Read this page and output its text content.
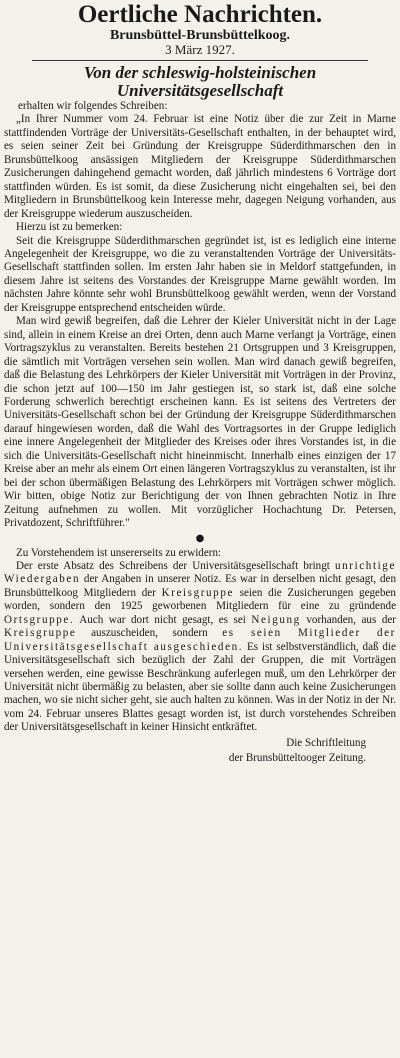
Oertliche Nachrichten.
Brunsbüttel-Brunsbüttelkoog.
3 März 1927.
Von der schleswig-holsteinischen
Universitätsgesellschaft

erhalten wir folgendes Schreiben:

„In Ihrer Nummer vom 24. Februar ist eine Notiz über die zur Zeit in Marne stattfindenden Vorträge der Universitäts-Gesellschaft enthalten, in der behauptet wird, es seien seiner Zeit bei Gründung der Kreisgruppe Süderdithmarschen den in Brunsbüttelkoog ansässigen Mitgliedern der Kreisgruppe Süderdithmarschen Zusicherungen dahingehend gemacht worden, daß jährlich mindestens 6 Vorträge dort stattfinden würden. Es ist somit, da diese Zusicherung nicht eingehalten sei, bei den Mitgliedern in Brunsbüttelkoog kein Interesse mehr, dagegen Neigung vorhanden, aus der Kreisgruppe wiederum auszuscheiden.

Hierzu ist zu bemerken:

Seit die Kreisgruppe Süderdithmarschen gegründet ist, ist es lediglich eine interne Angelegenheit der Kreisgruppe, wo die zu veranstaltenden Vorträge der Universitäts-Gesellschaft stattfinden sollen. Im ersten Jahr haben sie in Meldorf stattgefunden, in diesem Jahre ist seitens des Vorstandes der Kreisgruppe Marne gewählt worden. Im nächsten Jahre könnte sehr wohl Brunsbüttelkoog gewählt werden, wenn der Vorstand der Kreisgruppe entsprechend entscheiden würde.

Man wird gewiß begreifen, daß die Lehrer der Kieler Universität nicht in der Lage sind, allein in einem Kreise an drei Orten, denn auch Marne verlangt ja Vorträge, einen Vortragszyklus zu veranstalten. Bereits bestehen 21 Ortsgruppen und 3 Kreisgruppen, die sämtlich mit Vorträgen versehen sein wollen. Man wird danach gewiß begreifen, daß die Belastung des Lehrkörpers der Kieler Universität mit Vorträgen in der Provinz, die schon jetzt auf 100—150 im Jahr gestiegen ist, so stark ist, daß eine solche Forderung schwerlich berechtigt erscheinen kann. Es ist seitens des Vertreters der Universitäts-Gesellschaft schon bei der Gründung der Kreisgruppe Süderdithmarschen darauf hingewiesen worden, daß die Wahl des Vortragsortes in der Gruppe lediglich eine innere Angelegenheit der Mitglieder des Kreises oder ihres Vorstandes ist, in die sich die Universitäts-Gesellschaft nicht hineinmischt. Innerhalb eines einzigen der 17 Kreise aber an mehr als einem Ort einen längeren Vortragszyklus zu veranstalten, ist ihr bei der schon übermäßigen Belastung des Lehrkörpers mit Vorträgen schwer möglich. Wir bitten, obige Notiz zur Berichtigung der von Ihnen gebrachten Notiz in Ihre Zeitung aufnehmen zu wollen. Mit vorzüglicher Hochachtung Dr. Petersen, Privatdozent, Schriftführer."

●

Zu Vorstehendem ist unsererseits zu erwidern:

Der erste Absatz des Schreibens der Universitätsgesellschaft bringt unrichtige Wiedergaben der Angaben in unserer Notiz. Es war in derselben nicht gesagt, den Brunsbüttelkoog Mitgliedern der Kreisgruppe seien die Zusicherungen gegeben worden, sondern den 1925 geworbenen Mitgliedern für eine zu gründende Ortsgruppe. Auch war dort nicht gesagt, es sei Neigung vorhanden, aus der Kreisgruppe auszuscheiden, sondern es seien Mitglieder der Universitätsgesellschaft ausgeschieden. Es ist selbstverständlich, daß die Universitätsgesellschaft sich bezüglich der Zahl der Gruppen, die mit Vorträgen versehen werden, eine gewisse Beschränkung auferlegen muß, um den Lehrkörper der Universität nicht übermäßig zu belasten, aber sie sollte dann auch keine Zusicherungen machen, wo sie nicht sicher geht, sie auch halten zu können. Was in der Notiz in der Nr. vom 24. Februar unseres Blattes gesagt worden ist, ist durch vorstehendes Schreiben der Universitätsgesellschaft in keiner Hinsicht entkräftet.

Die Schriftleitung
der Brunsbütteltooger Zeitung.
